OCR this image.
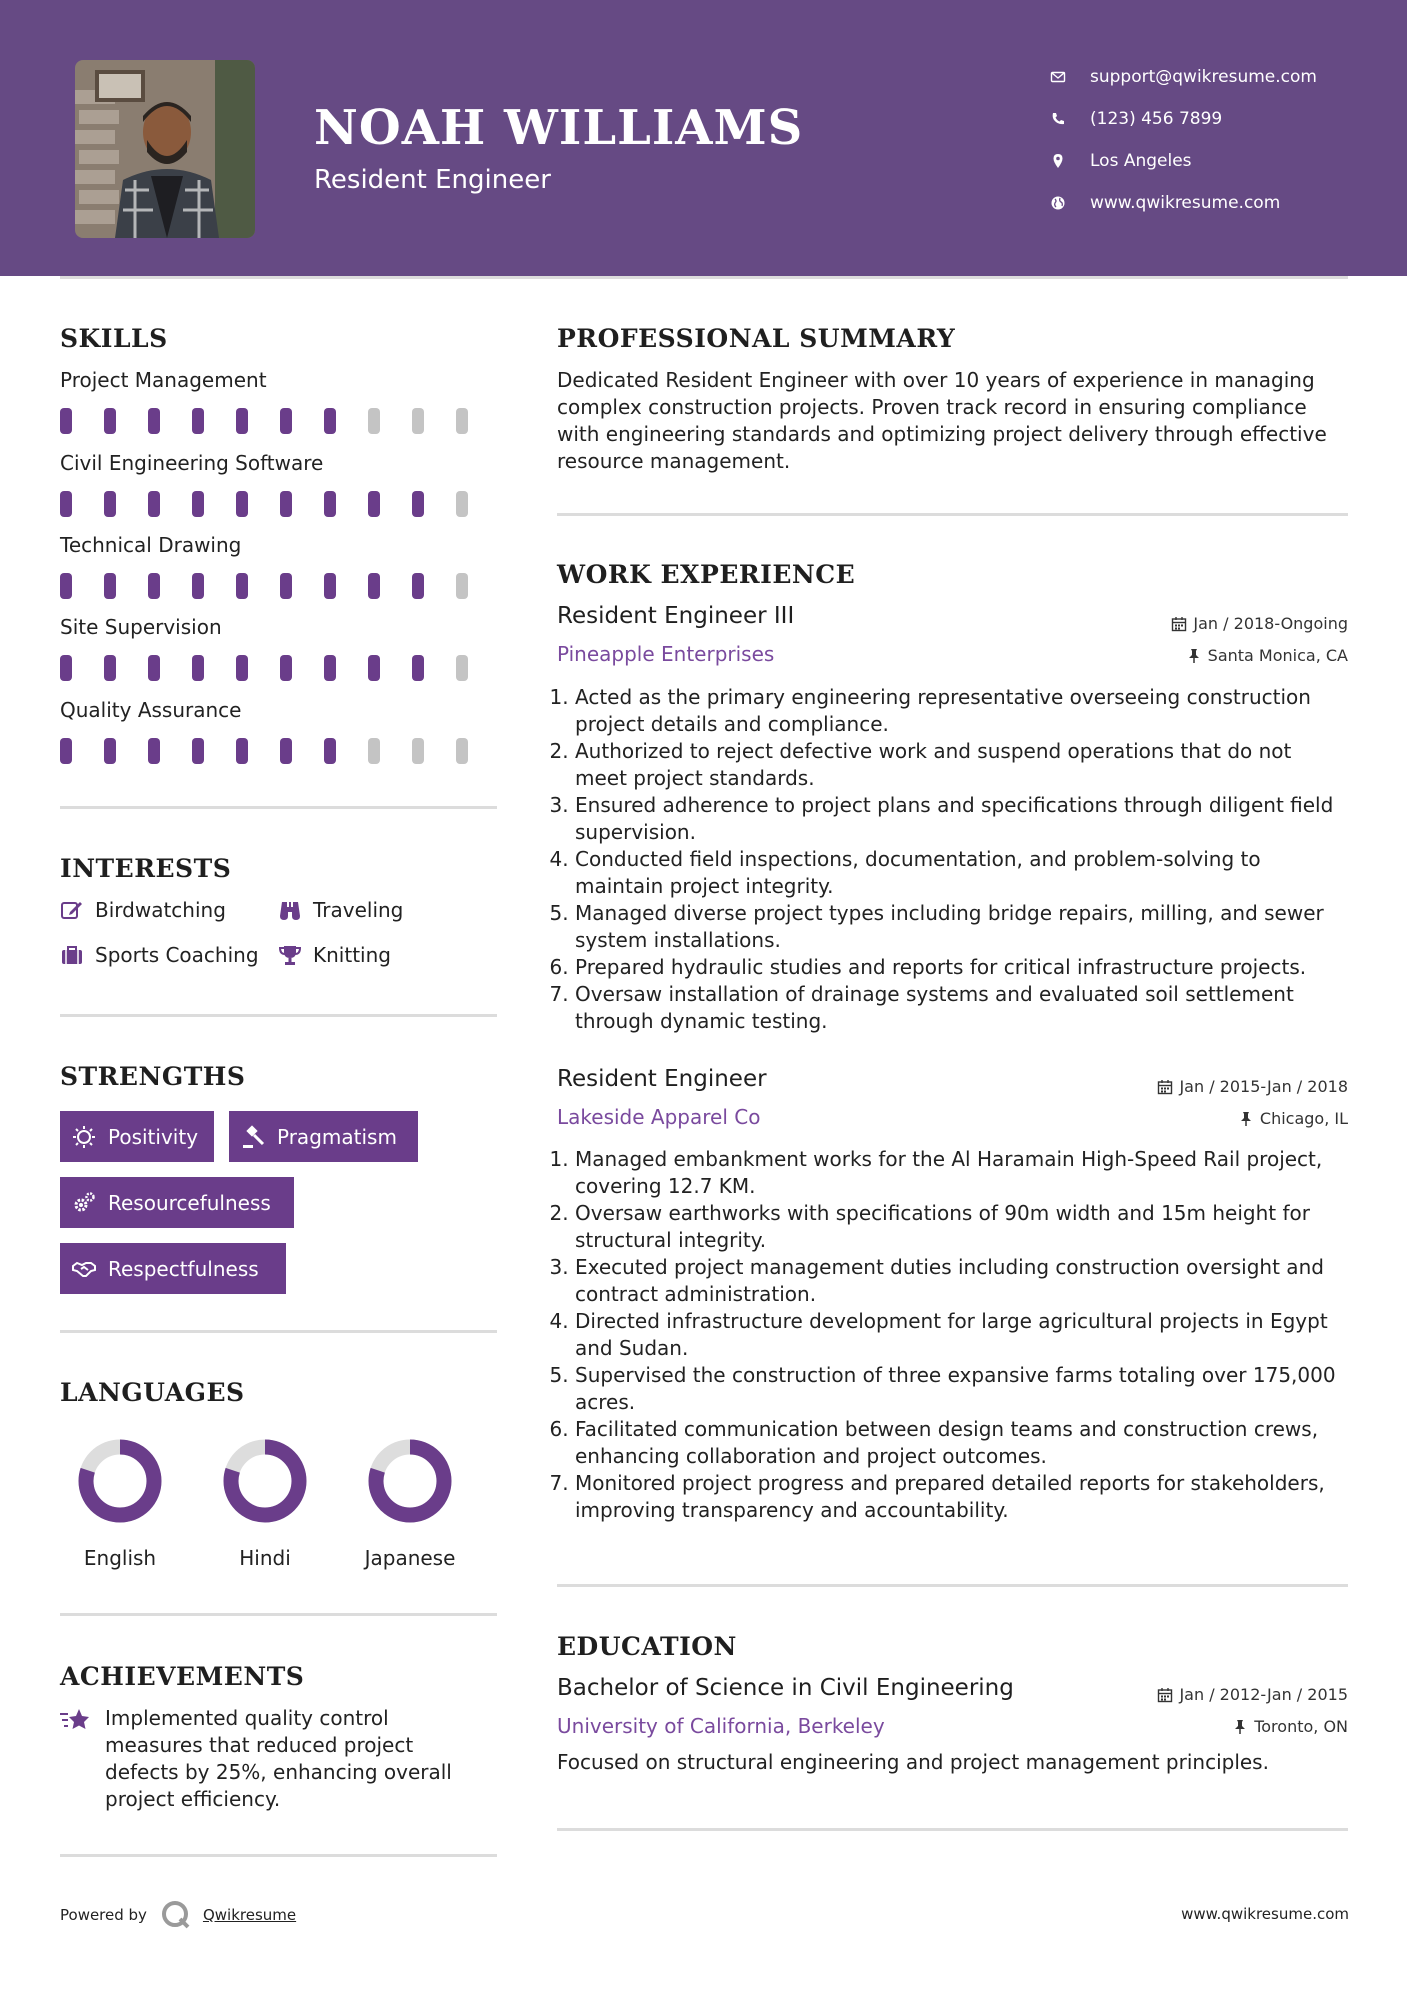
NOAH WILLIAMS
Resident Engineer
support@qwikresume.com
(123) 456 7899
Los Angeles
www.qwikresume.com
SKILLS
Project Management
Civil Engineering Software
Technical Drawing
Site Supervision
Quality Assurance
INTERESTS
Birdwatching	Traveling
Sports Coaching	Knitting
STRENGTHS
Positivity	Pragmatism
Resourcefulness
Respectfulness
LANGUAGES
English	Hindi	Japanese
ACHIEVEMENTS
Implemented quality control measures that reduced project defects by 25%, enhancing overall project efficiency.
PROFESSIONAL SUMMARY
Dedicated Resident Engineer with over 10 years of experience in managing complex construction projects. Proven track record in ensuring compliance with engineering standards and optimizing project delivery through effective resource management.
WORK EXPERIENCE
Resident Engineer III	Jan / 2018-Ongoing
Pineapple Enterprises	Santa Monica, CA
1. Acted as the primary engineering representative overseeing construction project details and compliance.
2. Authorized to reject defective work and suspend operations that do not meet project standards.
3. Ensured adherence to project plans and specifications through diligent field supervision.
4. Conducted field inspections, documentation, and problem-solving to maintain project integrity.
5. Managed diverse project types including bridge repairs, milling, and sewer system installations.
6. Prepared hydraulic studies and reports for critical infrastructure projects.
7. Oversaw installation of drainage systems and evaluated soil settlement through dynamic testing.
Resident Engineer	Jan / 2015-Jan / 2018
Lakeside Apparel Co	Chicago, IL
1. Managed embankment works for the Al Haramain High-Speed Rail project, covering 12.7 KM.
2. Oversaw earthworks with specifications of 90m width and 15m height for structural integrity.
3. Executed project management duties including construction oversight and contract administration.
4. Directed infrastructure development for large agricultural projects in Egypt and Sudan.
5. Supervised the construction of three expansive farms totaling over 175,000 acres.
6. Facilitated communication between design teams and construction crews, enhancing collaboration and project outcomes.
7. Monitored project progress and prepared detailed reports for stakeholders, improving transparency and accountability.
EDUCATION
Bachelor of Science in Civil Engineering	Jan / 2012-Jan / 2015
University of California, Berkeley	Toronto, ON
Focused on structural engineering and project management principles.
Powered by	Qwikresume	www.qwikresume.com
